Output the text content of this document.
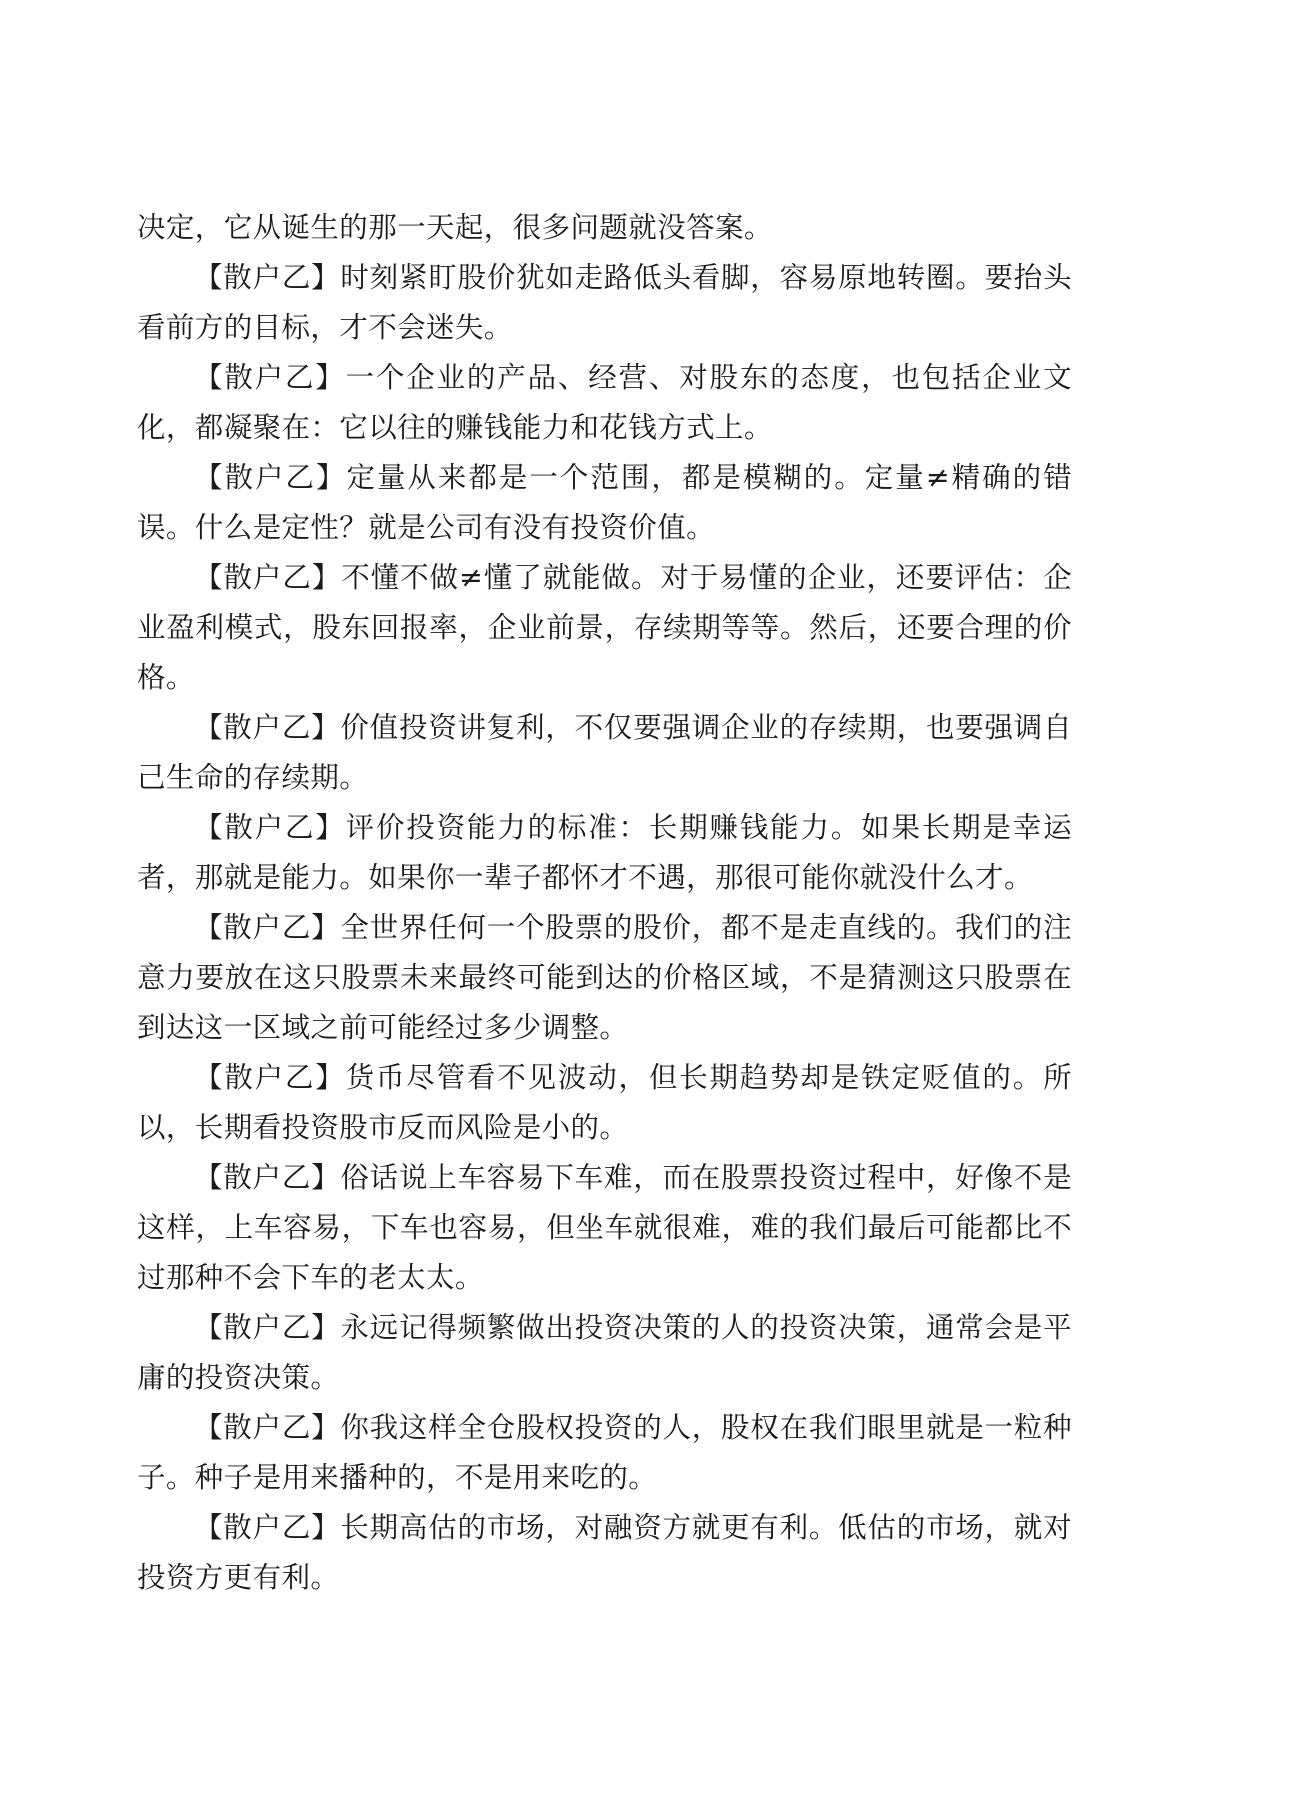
决定，它从诞生的那一天起，很多问题就没答案。

【散户乙】时刻紧盯股价犹如走路低头看脚，容易原地转圈。要抬头看前方的目标，才不会迷失。

【散户乙】一个企业的产品、经营、对股东的态度，也包括企业文化，都凝聚在：它以往的赚钱能力和花钱方式上。

【散户乙】定量从来都是一个范围，都是模糊的。定量≠精确的错误。什么是定性？就是公司有没有投资价值。

【散户乙】不懂不做≠懂了就能做。对于易懂的企业，还要评估：企业盈利模式，股东回报率，企业前景，存续期等等。然后，还要合理的价格。

【散户乙】价值投资讲复利，不仅要强调企业的存续期，也要强调自己生命的存续期。

【散户乙】评价投资能力的标准：长期赚钱能力。如果长期是幸运者，那就是能力。如果你一辈子都怀才不遇，那很可能你就没什么才。

【散户乙】全世界任何一个股票的股价，都不是走直线的。我们的注意力要放在这只股票未来最终可能到达的价格区域，不是猜测这只股票在到达这一区域之前可能经过多少调整。

【散户乙】货币尽管看不见波动，但长期趋势却是铁定贬值的。所以，长期看投资股市反而风险是小的。

【散户乙】俗话说上车容易下车难，而在股票投资过程中，好像不是这样，上车容易，下车也容易，但坐车就很难，难的我们最后可能都比不过那种不会下车的老太太。

【散户乙】永远记得频繁做出投资决策的人的投资决策，通常会是平庸的投资决策。

【散户乙】你我这样全仓股权投资的人，股权在我们眼里就是一粒种子。种子是用来播种的，不是用来吃的。

【散户乙】长期高估的市场，对融资方就更有利。低估的市场，就对投资方更有利。
